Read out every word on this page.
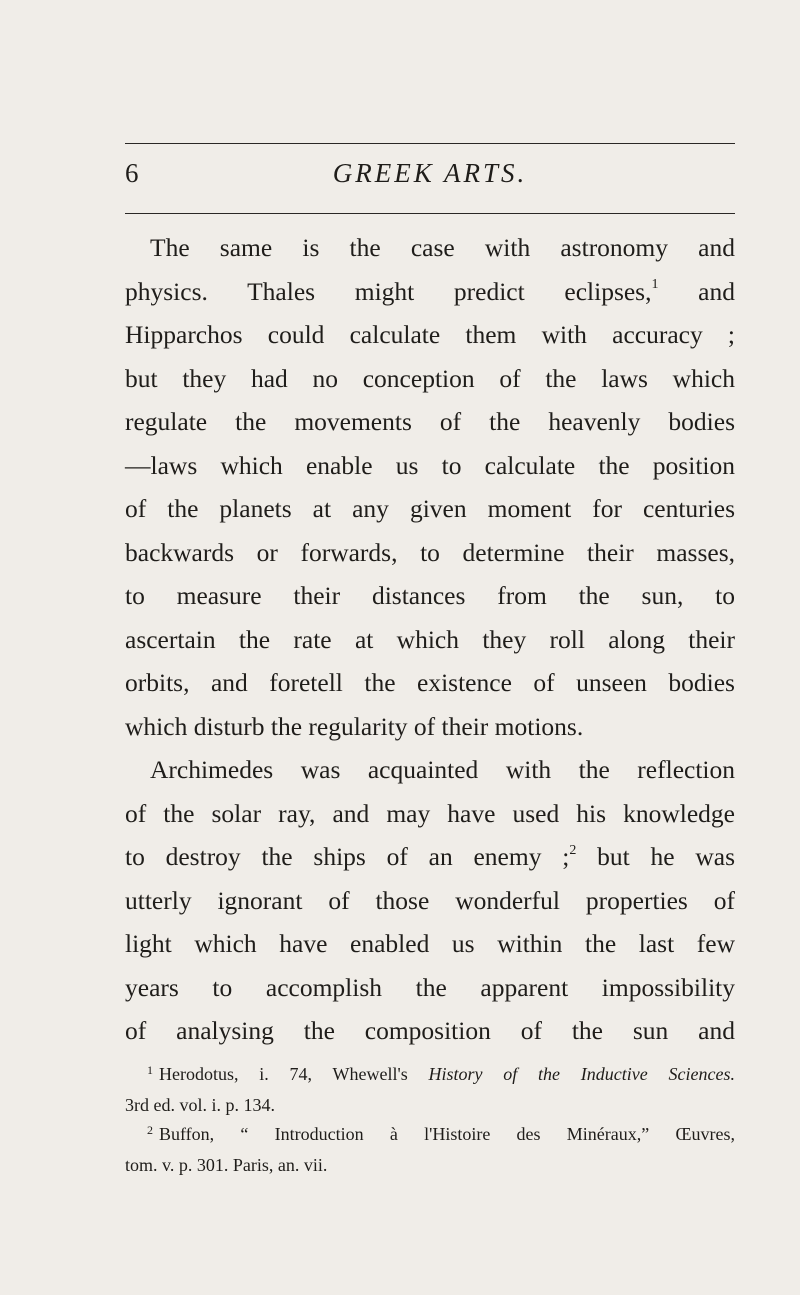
6	GREEK ARTS.
The same is the case with astronomy and
physics. Thales might predict eclipses,$^1$ and
Hipparchos could calculate them with accuracy ;
but they had no conception of the laws which
regulate the movements of the heavenly bodies
—laws which enable us to calculate the position
of the planets at any given moment for centuries
backwards or forwards, to determine their masses,
to measure their distances from the sun, to
ascertain the rate at which they roll along their
orbits, and foretell the existence of unseen bodies
which disturb the regularity of their motions.
Archimedes was acquainted with the reflection
of the solar ray, and may have used his knowledge
to destroy the ships of an enemy ;$^2$ but he was
utterly ignorant of those wonderful properties of
light which have enabled us within the last few
years to accomplish the apparent impossibility
of analysing the composition of the sun and
$^1$ Herodotus, i. 74, Whewell's History of the Inductive Sciences.
3rd ed. vol. i. p. 134.
$^2$ Buffon, “ Introduction à l'Histoire des Minéraux,” Œuvres,
tom. v. p. 301. Paris, an. vii.
